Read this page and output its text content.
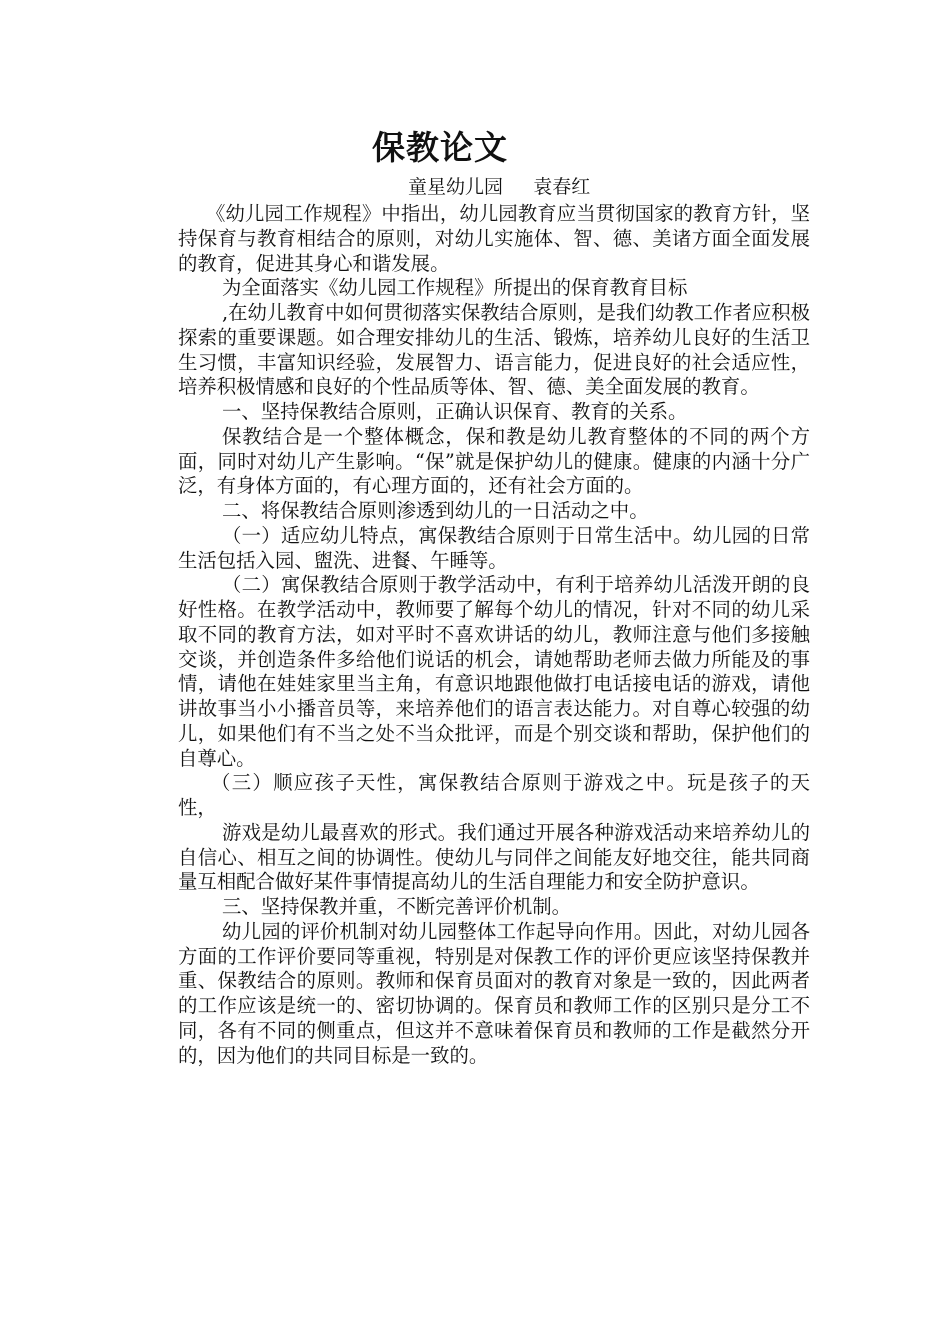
保教论文
童星幼儿园     袁春红

《幼儿园工作规程》中指出，幼儿园教育应当贯彻国家的教育方针，坚持保育与教育相结合的原则，对幼儿实施体、智、德、美诸方面全面发展的教育，促进其身心和谐发展。

为全面落实《幼儿园工作规程》所提出的保育教育目标

,在幼儿教育中如何贯彻落实保教结合原则，是我们幼教工作者应积极探索的重要课题。如合理安排幼儿的生活、锻炼，培养幼儿良好的生活卫生习惯，丰富知识经验，发展智力、语言能力，促进良好的社会适应性，培养积极情感和良好的个性品质等体、智、德、美全面发展的教育。

一、坚持保教结合原则，正确认识保育、教育的关系。

保教结合是一个整体概念，保和教是幼儿教育整体的不同的两个方面，同时对幼儿产生影响。“保”就是保护幼儿的健康。健康的内涵十分广泛，有身体方面的，有心理方面的，还有社会方面的。

二、将保教结合原则渗透到幼儿的一日活动之中。

（一）适应幼儿特点，寓保教结合原则于日常生活中。幼儿园的日常生活包括入园、盥洗、进餐、午睡等。

（二）寓保教结合原则于教学活动中，有利于培养幼儿活泼开朗的良好性格。在教学活动中，教师要了解每个幼儿的情况，针对不同的幼儿采取不同的教育方法，如对平时不喜欢讲话的幼儿，教师注意与他们多接触交谈，并创造条件多给他们说话的机会，请她帮助老师去做力所能及的事情，请他在娃娃家里当主角，有意识地跟他做打电话接电话的游戏，请他讲故事当小小播音员等，来培养他们的语言表达能力。对自尊心较强的幼儿，如果他们有不当之处不当众批评，而是个别交谈和帮助，保护他们的自尊心。

（三）顺应孩子天性，寓保教结合原则于游戏之中。玩是孩子的天性，

游戏是幼儿最喜欢的形式。我们通过开展各种游戏活动来培养幼儿的自信心、相互之间的协调性。使幼儿与同伴之间能友好地交往，能共同商量互相配合做好某件事情提高幼儿的生活自理能力和安全防护意识。

三、坚持保教并重，不断完善评价机制。

幼儿园的评价机制对幼儿园整体工作起导向作用。因此，对幼儿园各方面的工作评价要同等重视，特别是对保教工作的评价更应该坚持保教并重、保教结合的原则。教师和保育员面对的教育对象是一致的，因此两者的工作应该是统一的、密切协调的。保育员和教师工作的区别只是分工不同，各有不同的侧重点，但这并不意味着保育员和教师的工作是截然分开的，因为他们的共同目标是一致的。
